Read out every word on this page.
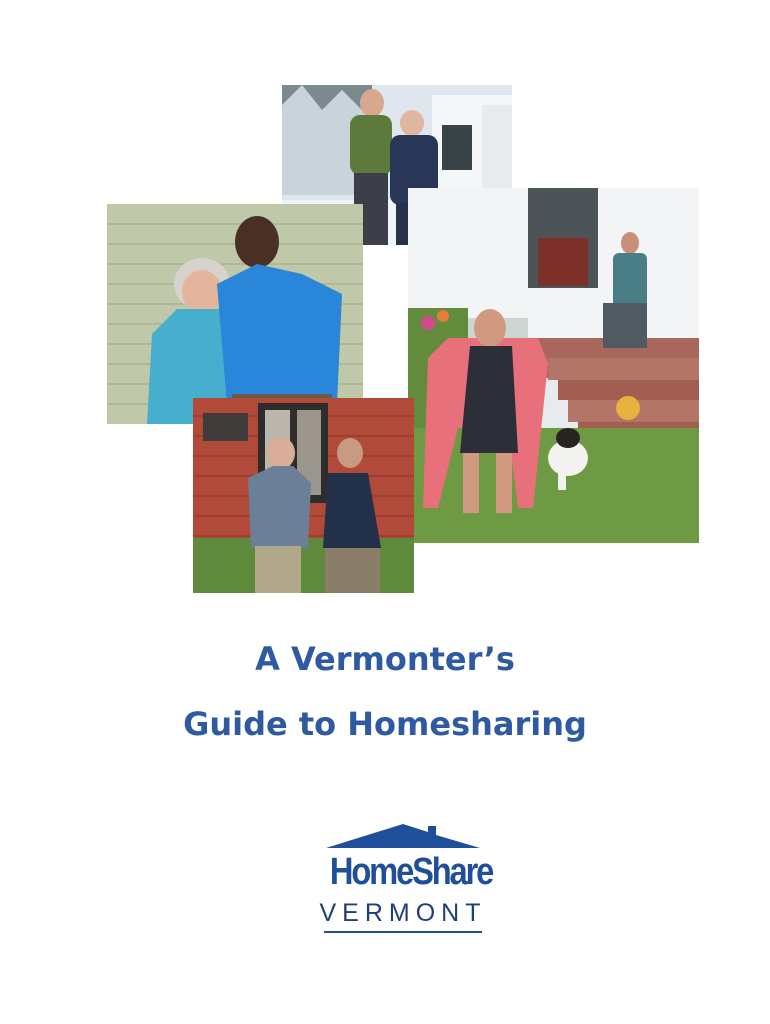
A Vermonter’s
Guide to Homesharing
HomeShare
VERMONT
